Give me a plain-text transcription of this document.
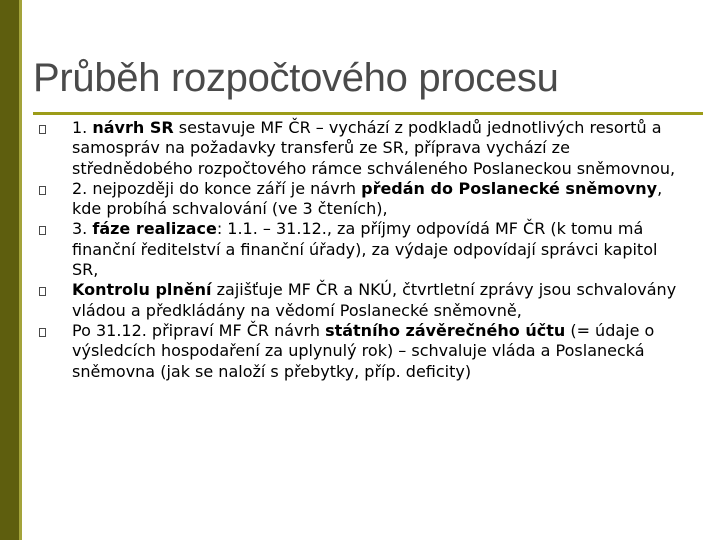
Průběh rozpočtového procesu
1. návrh SR sestavuje MF ČR – vychází z podkladů jednotlivých resortů a samospráv na požadavky transferů ze SR, příprava vychází ze střednědobého rozpočtového rámce schváleného Poslaneckou sněmovnou,
2. nejpozději do konce září je návrh předán do Poslanecké sněmovny, kde probíhá schvalování (ve 3 čteních),
3. fáze realizace: 1.1. – 31.12., za příjmy odpovídá MF ČR (k tomu má finanční ředitelství a finanční úřady), za výdaje odpovídají správci kapitol SR,
Kontrolu plnění zajišťuje MF ČR a NKÚ, čtvrtletní zprávy jsou schvalovány vládou a předkládány na vědomí Poslanecké sněmovně,
Po 31.12. připraví MF ČR návrh státního závěrečného účtu (= údaje o výsledcích hospodaření za uplynulý rok) – schvaluje vláda a Poslanecká sněmovna (jak se naloží s přebytky, příp. deficity)
